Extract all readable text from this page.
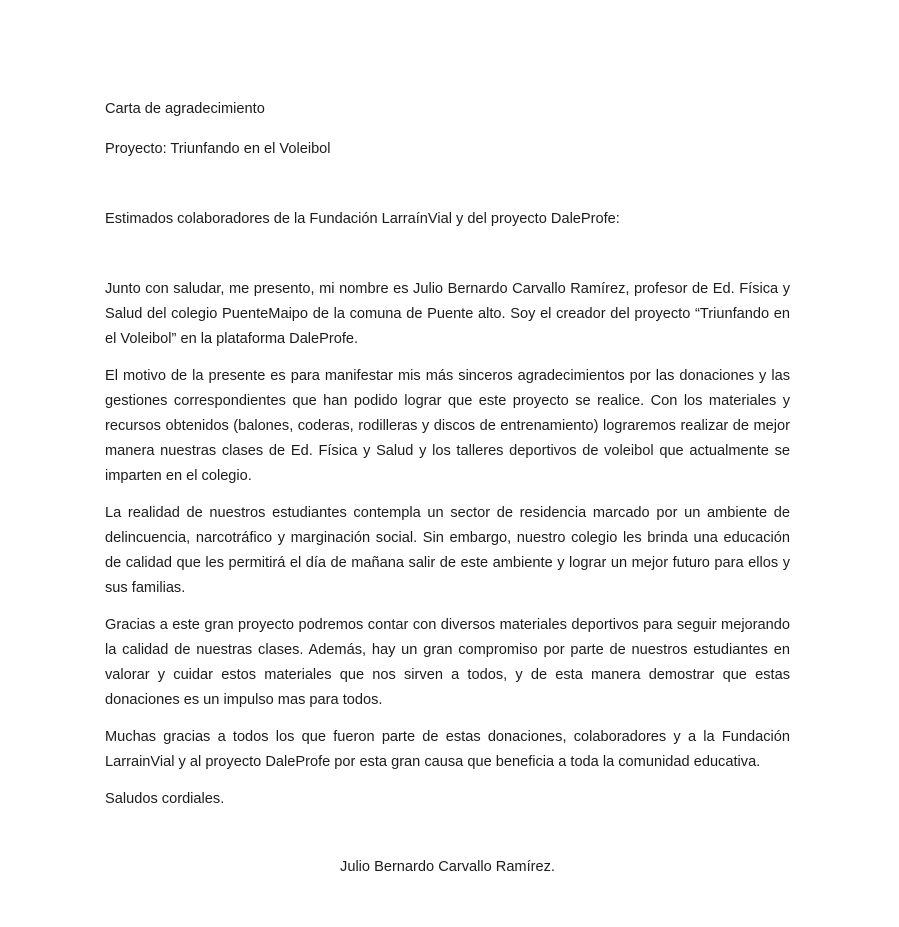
Carta de agradecimiento

Proyecto: Triunfando en el Voleibol

Estimados colaboradores de la Fundación LarraínVial y del proyecto DaleProfe:

Junto con saludar, me presento, mi nombre es Julio Bernardo Carvallo Ramírez, profesor de Ed. Física y Salud del colegio PuenteMaipo de la comuna de Puente alto. Soy el creador del proyecto “Triunfando en el Voleibol” en la plataforma DaleProfe.

El motivo de la presente es para manifestar mis más sinceros agradecimientos por las donaciones y las gestiones correspondientes que han podido lograr que este proyecto se realice. Con los materiales y recursos obtenidos (balones, coderas, rodilleras y discos de entrenamiento) lograremos realizar de mejor manera nuestras clases de Ed. Física y Salud y los talleres deportivos de voleibol que actualmente se imparten en el colegio.

La realidad de nuestros estudiantes contempla un sector de residencia marcado por un ambiente de delincuencia, narcotráfico y marginación social. Sin embargo, nuestro colegio les brinda una educación de calidad que les permitirá el día de mañana salir de este ambiente y lograr un mejor futuro para ellos y sus familias.

Gracias a este gran proyecto podremos contar con diversos materiales deportivos para seguir mejorando la calidad de nuestras clases. Además, hay un gran compromiso por parte de nuestros estudiantes en valorar y cuidar estos materiales que nos sirven a todos, y de esta manera demostrar que estas donaciones es un impulso mas para todos.

Muchas gracias a todos los que fueron parte de estas donaciones, colaboradores y a la Fundación LarrainVial y al proyecto DaleProfe por esta gran causa que beneficia a toda la comunidad educativa.

Saludos cordiales.

Julio Bernardo Carvallo Ramírez.
